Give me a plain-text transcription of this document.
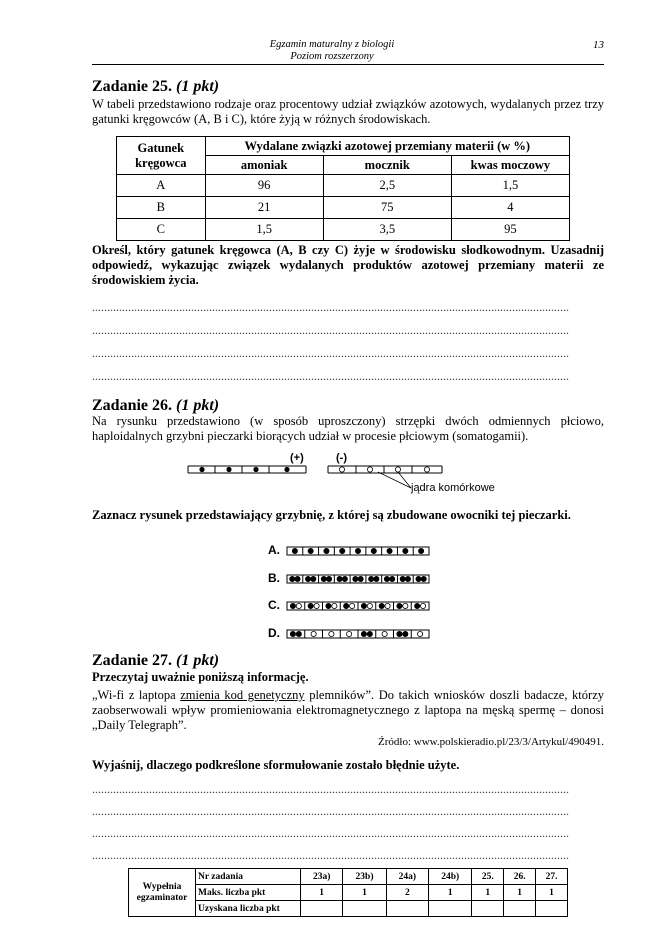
Egzamin maturalny z biologii
Poziom rozszerzony
13
Zadanie 25. (1 pkt)
W tabeli przedstawiono rodzaje oraz procentowy udział związków azotowych, wydalanych przez trzy gatunki kręgowców (A, B i C), które żyją w różnych środowiskach.
Gatunek
kręgowca	Wydalane związki azotowej przemiany materii (w %)		
	amoniak	mocznik	kwas moczowy
A	96	2,5	1,5
B	21	75	4
C	1,5	3,5	95
Określ, który gatunek kręgowca (A, B czy C) żyje w środowisku słodkowodnym. Uzasadnij odpowiedź, wykazując związek wydalanych produktów azotowej przemiany materii ze środowiskiem życia.
...............................................................................................................................................................
...............................................................................................................................................................
...............................................................................................................................................................
...............................................................................................................................................................
Zadanie 26. (1 pkt)
Na rysunku przedstawiono (w sposób uproszczony) strzępki dwóch odmiennych płciowo, haploidalnych grzybni pieczarki biorących udział w procesie płciowym (somatogamii).
(+)	(-)
jądra komórkowe
Zaznacz rysunek przedstawiający grzybnię, z której są zbudowane owocniki tej pieczarki.
A.
B.
C.
D.
Zadanie 27. (1 pkt)
Przeczytaj uważnie poniższą informację.
„Wi-fi z laptopa zmienia kod genetyczny plemników”. Do takich wniosków doszli badacze, którzy zaobserwowali wpływ promieniowania elektromagnetycznego z laptopa na męską spermę – donosi „Daily Telegraph”.
Źródło: www.polskieradio.pl/23/3/Artykul/490491.
Wyjaśnij, dlaczego podkreślone sformułowanie zostało błędnie użyte.
...............................................................................................................................................................
...............................................................................................................................................................
...............................................................................................................................................................
...............................................................................................................................................................
Wypełnia
egzaminator	Nr zadania	23a)	23b)	24a)	24b)	25.	26.	27.
	Maks. liczba pkt	1	1	2	1	1	1	1
	Uzyskana liczba pkt							
